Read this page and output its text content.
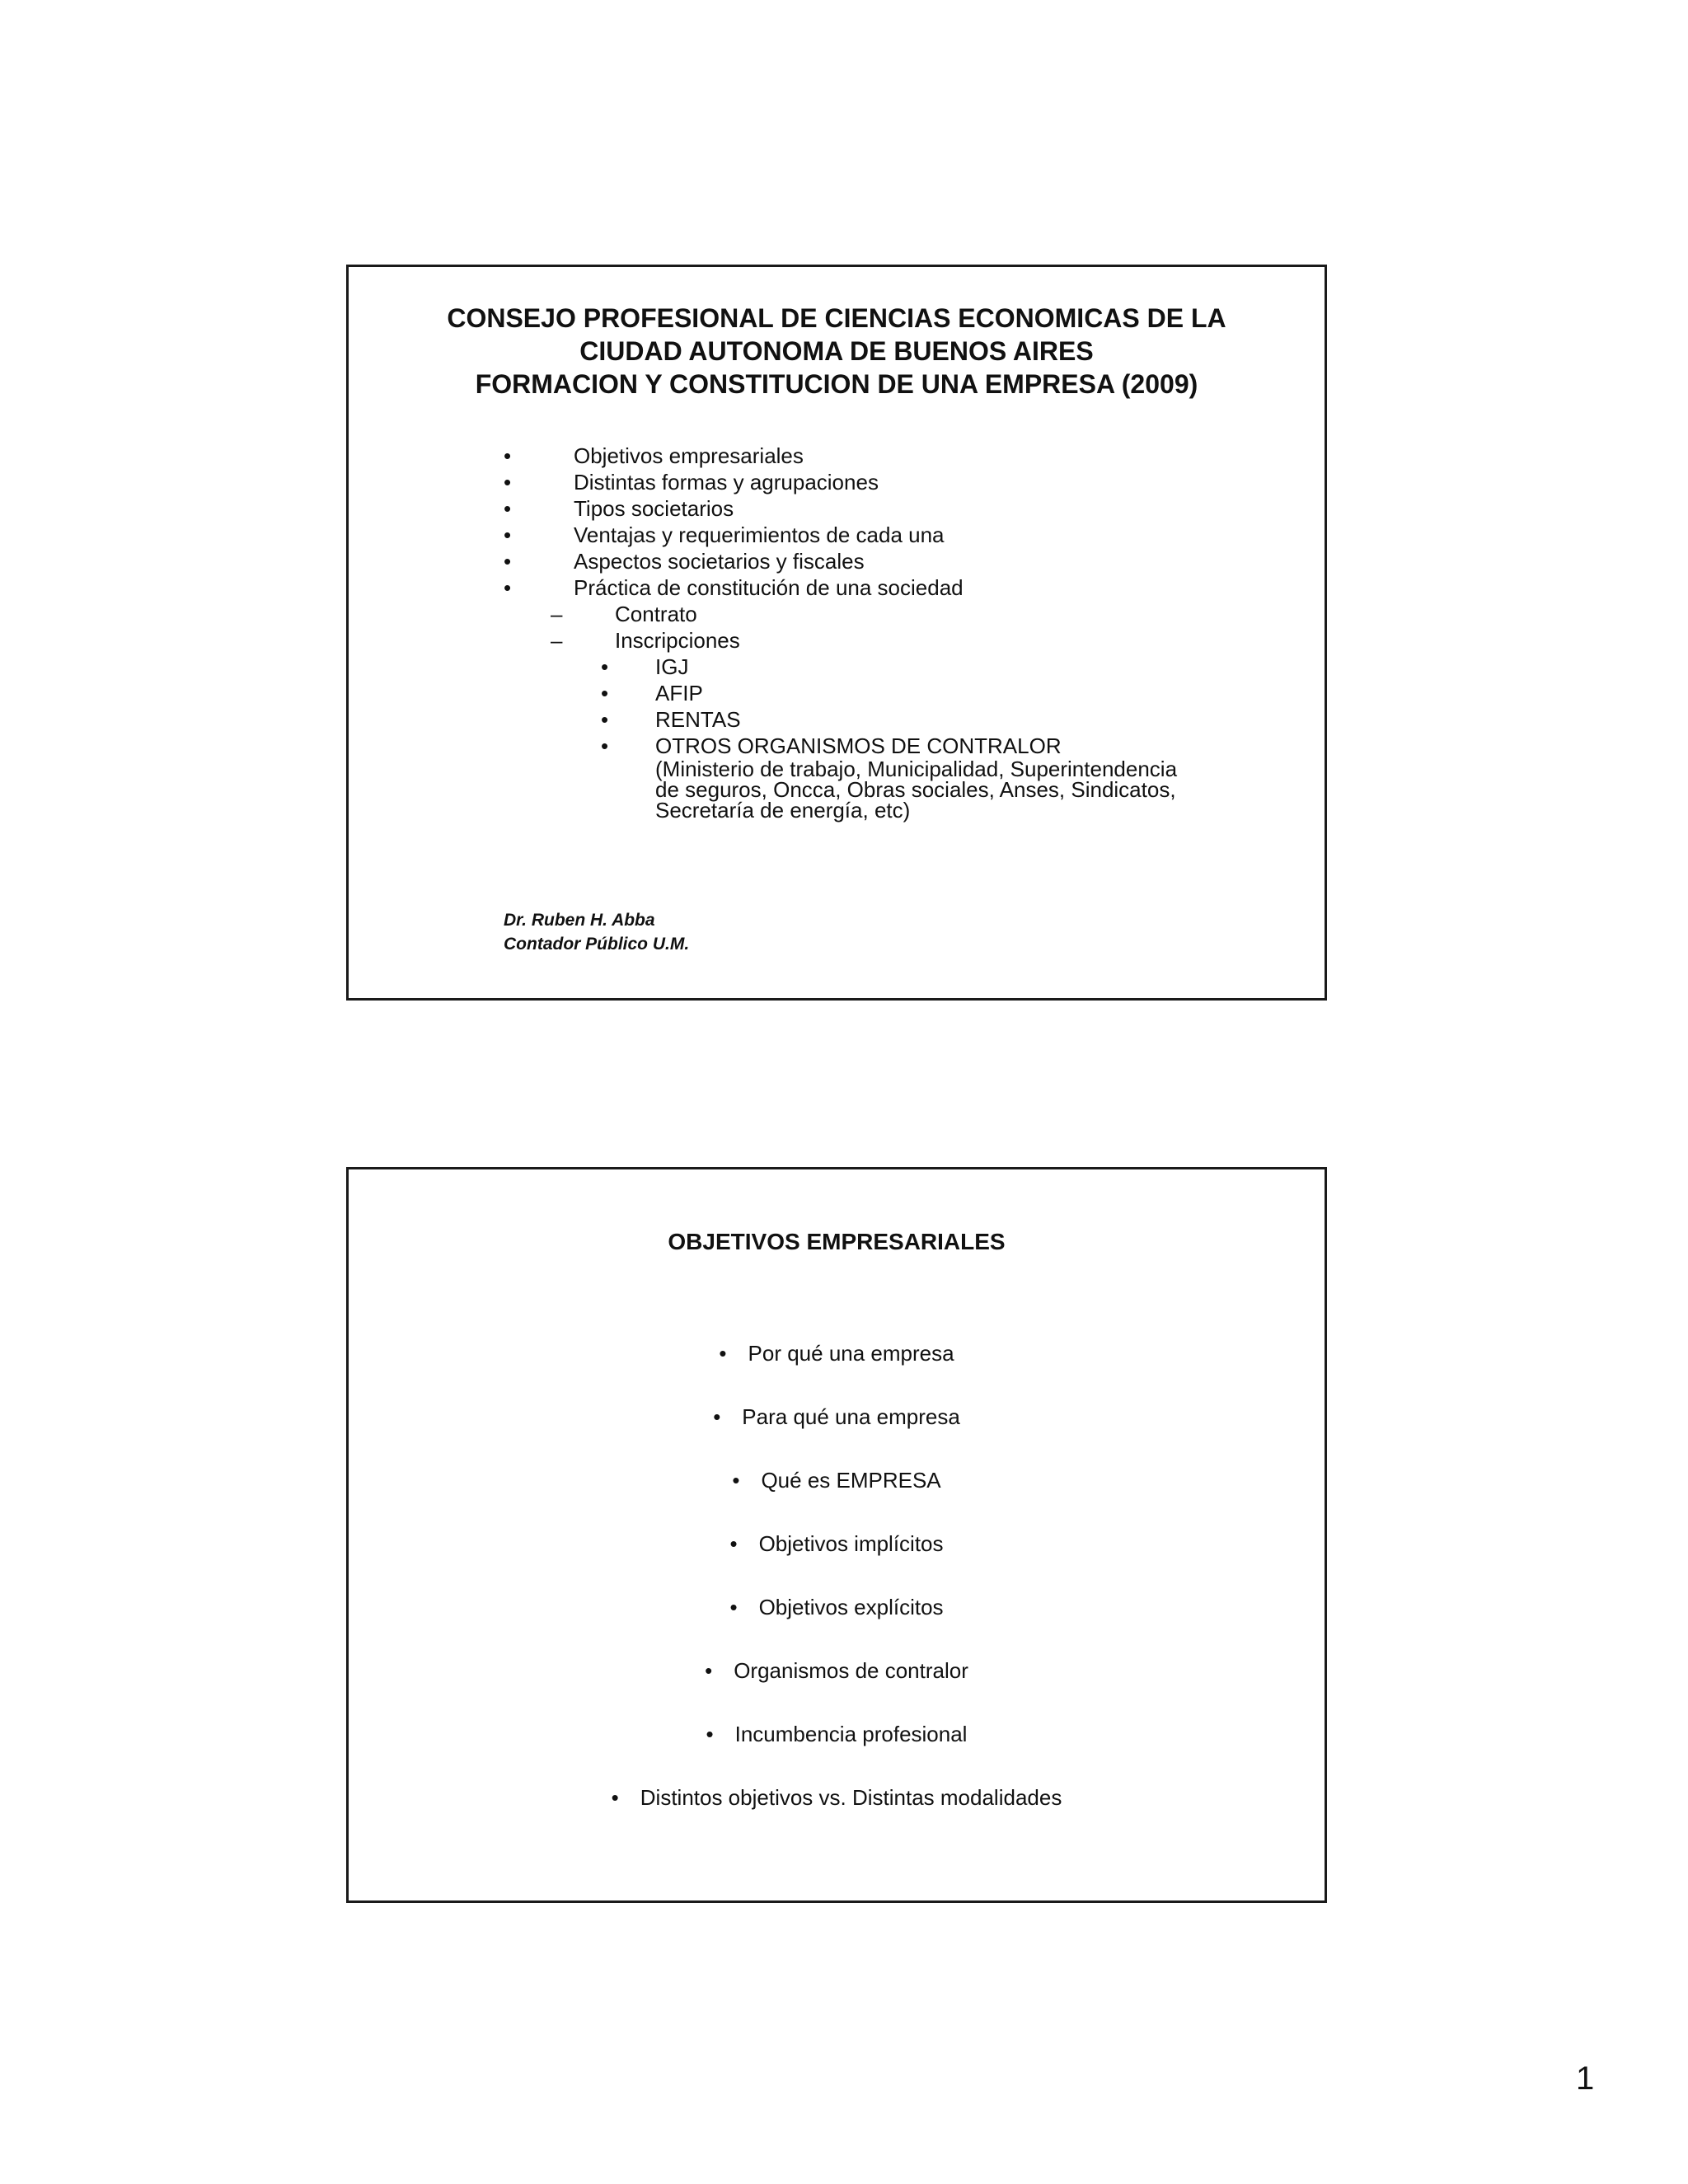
CONSEJO PROFESIONAL DE CIENCIAS ECONOMICAS DE LA
CIUDAD AUTONOMA DE BUENOS AIRES
FORMACION Y CONSTITUCION DE UNA EMPRESA (2009)
•	Objetivos empresariales
•	Distintas formas y agrupaciones
•	Tipos societarios
•	Ventajas y requerimientos de cada una
•	Aspectos societarios y fiscales
•	Práctica de constitución de una sociedad
– Contrato
– Inscripciones
• IGJ
• AFIP
• RENTAS
• OTROS ORGANISMOS DE CONTRALOR
(Ministerio de trabajo, Municipalidad, Superintendencia de seguros, Oncca, Obras sociales, Anses, Sindicatos, Secretaría de energía, etc)
Dr. Ruben H. Abba
Contador Público U.M.
OBJETIVOS EMPRESARIALES
• Por qué una empresa
• Para qué una empresa
• Qué es EMPRESA
• Objetivos implícitos
• Objetivos explícitos
• Organismos de contralor
• Incumbencia profesional
• Distintos objetivos vs. Distintas modalidades
1
